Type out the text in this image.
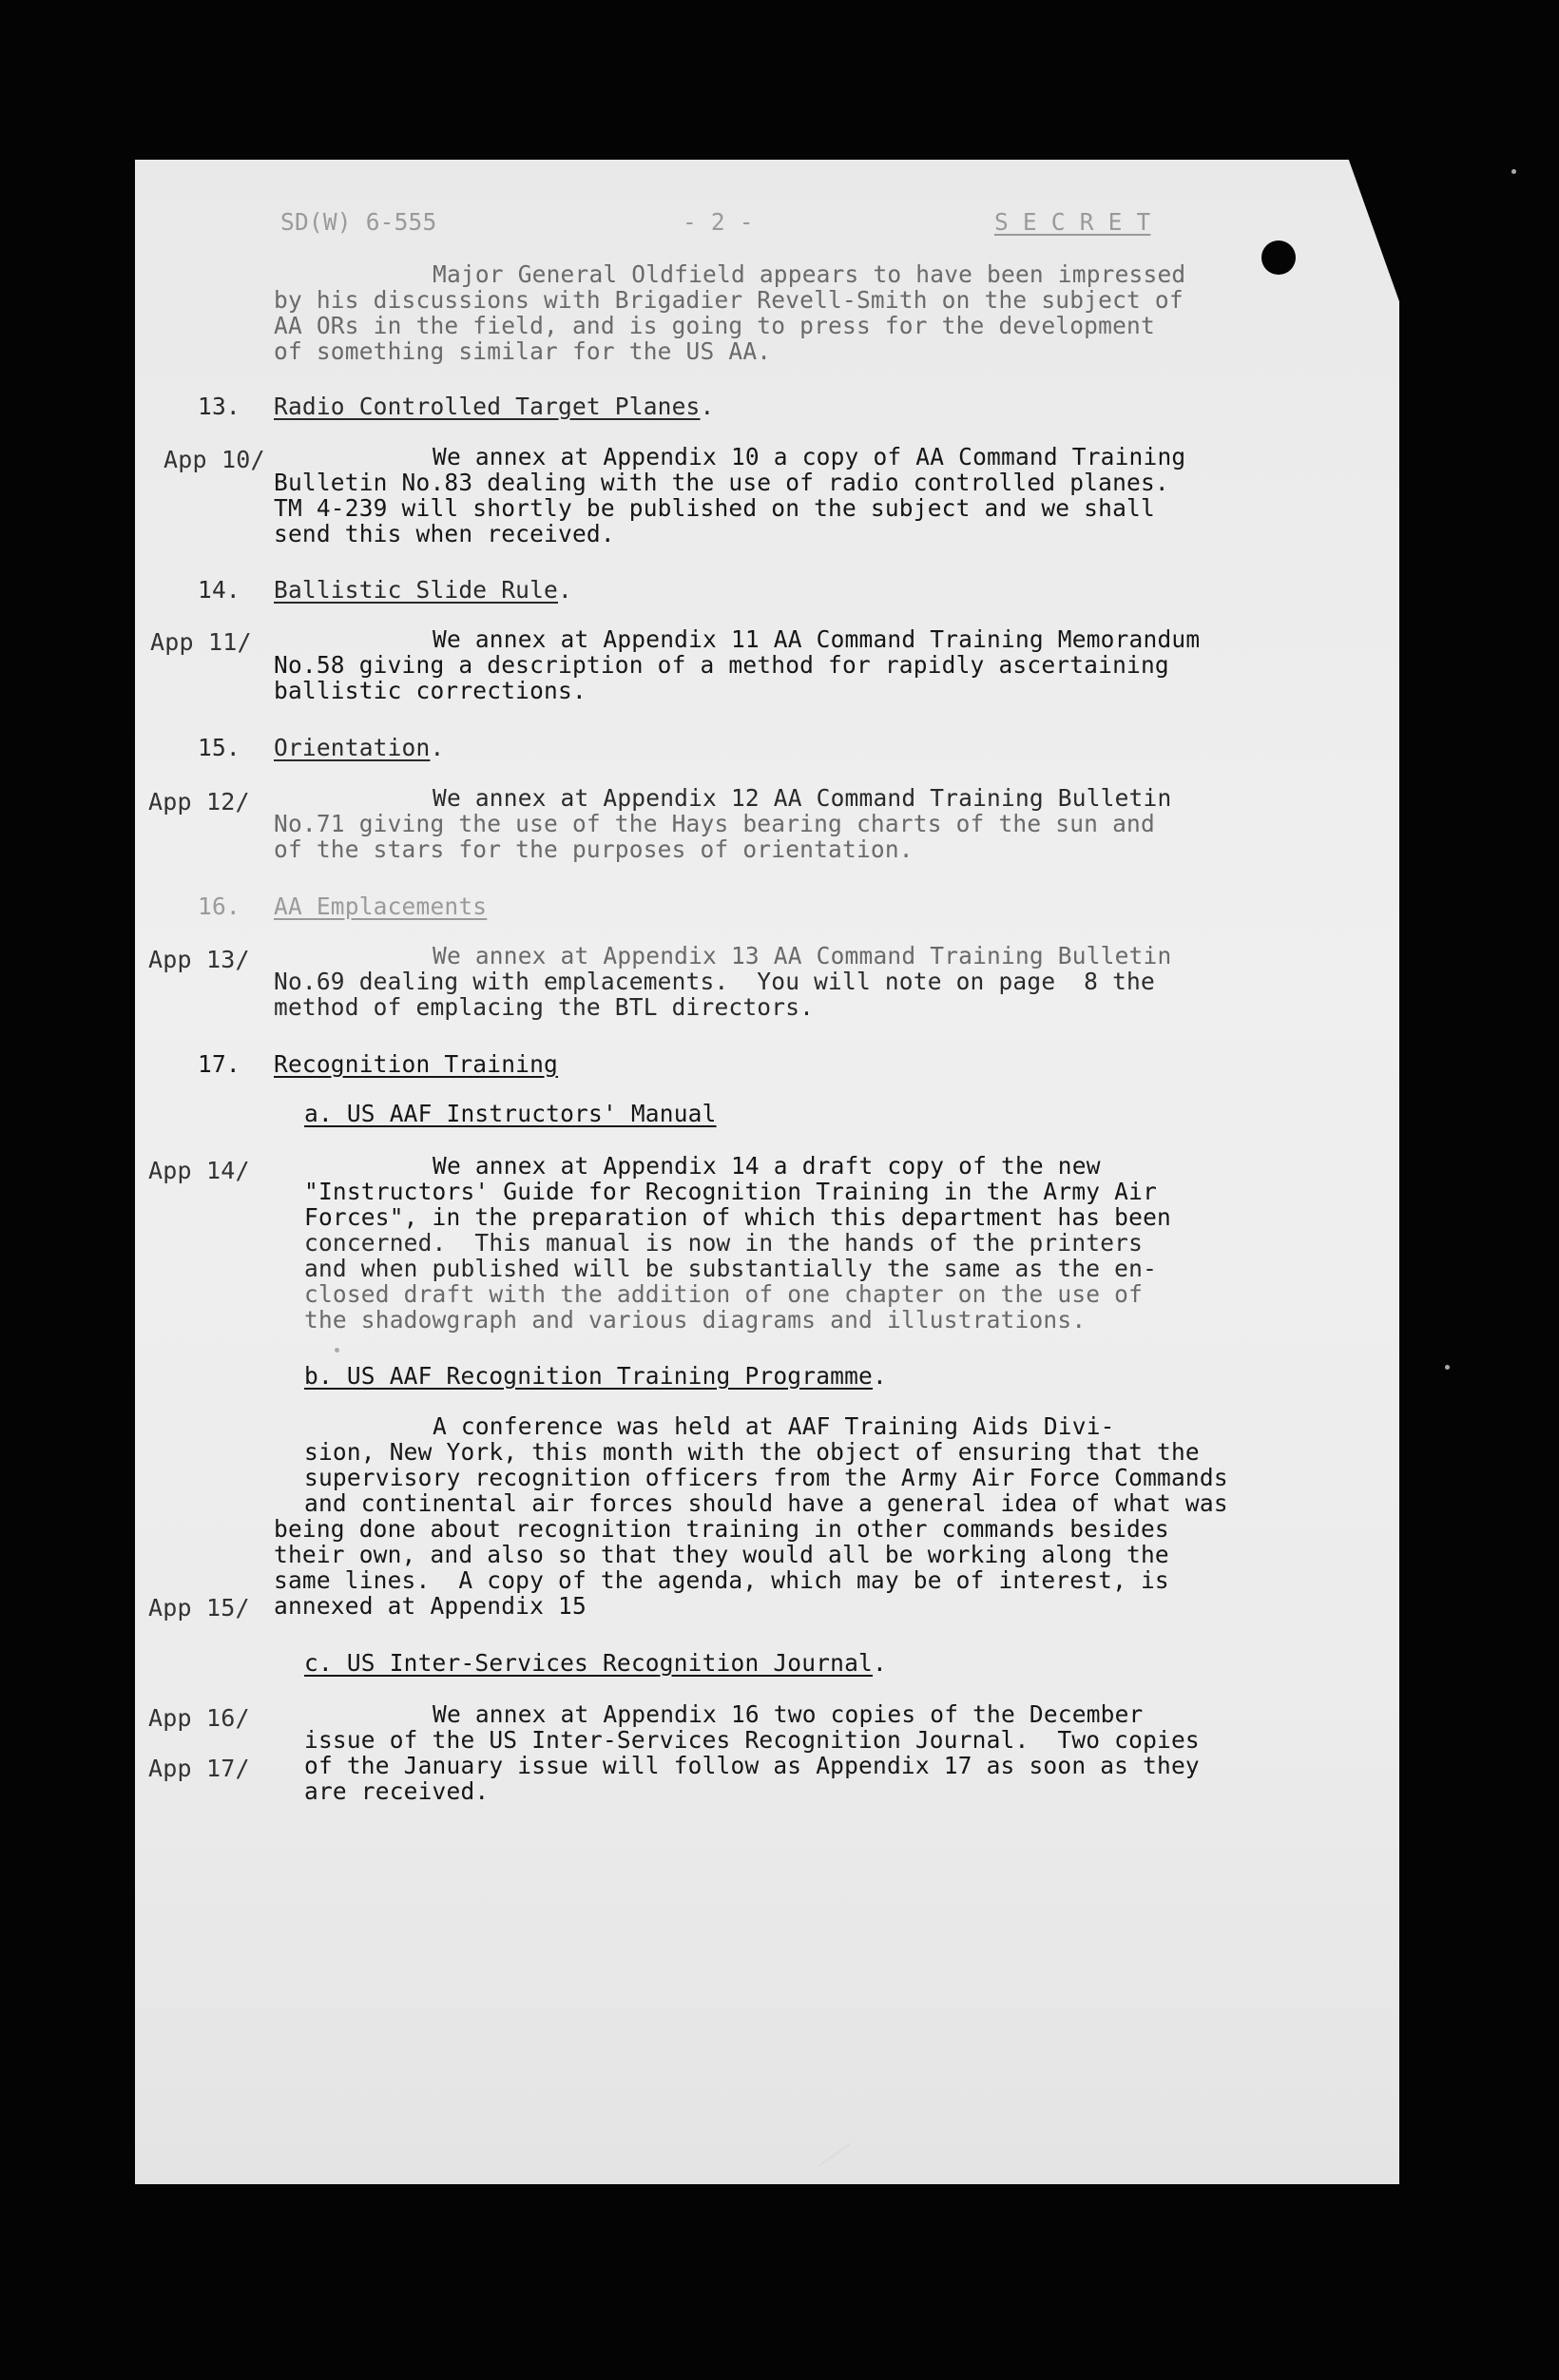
SD(W) 6-555	- 2 -	S E C R E T
Major General Oldfield appears to have been impressed
by his discussions with Brigadier Revell-Smith on the subject of
AA ORs in the field, and is going to press for the development
of something similar for the US AA.
13. Radio Controlled Target Planes.
App 10/	We annex at Appendix 10 a copy of AA Command Training
Bulletin No.83 dealing with the use of radio controlled planes.
TM 4-239 will shortly be published on the subject and we shall
send this when received.
14. Ballistic Slide Rule.
App 11/	We annex at Appendix 11 AA Command Training Memorandum
No.58 giving a description of a method for rapidly ascertaining
ballistic corrections.
15. Orientation.
App 12/	We annex at Appendix 12 AA Command Training Bulletin
No.71 giving the use of the Hays bearing charts of the sun and
of the stars for the purposes of orientation.
16. AA Emplacements
App 13/	We annex at Appendix 13 AA Command Training Bulletin
No.69 dealing with emplacements.  You will note on page  8 the
method of emplacing the BTL directors.
17. Recognition Training
a. US AAF Instructors' Manual
App 14/	We annex at Appendix 14 a draft copy of the new
"Instructors' Guide for Recognition Training in the Army Air
Forces", in the preparation of which this department has been
concerned.  This manual is now in the hands of the printers
and when published will be substantially the same as the en-
closed draft with the addition of one chapter on the use of
the shadowgraph and various diagrams and illustrations.
b. US AAF Recognition Training Programme.
A conference was held at AAF Training Aids Divi-
sion, New York, this month with the object of ensuring that the
supervisory recognition officers from the Army Air Force Commands
and continental air forces should have a general idea of what was
being done about recognition training in other commands besides
their own, and also so that they would all be working along the
same lines.  A copy of the agenda, which may be of interest, is
App 15/ annexed at Appendix 15
c. US Inter-Services Recognition Journal.
App 16/	We annex at Appendix 16 two copies of the December
issue of the US Inter-Services Recognition Journal.  Two copies
App 17/ of the January issue will follow as Appendix 17 as soon as they
are received.
